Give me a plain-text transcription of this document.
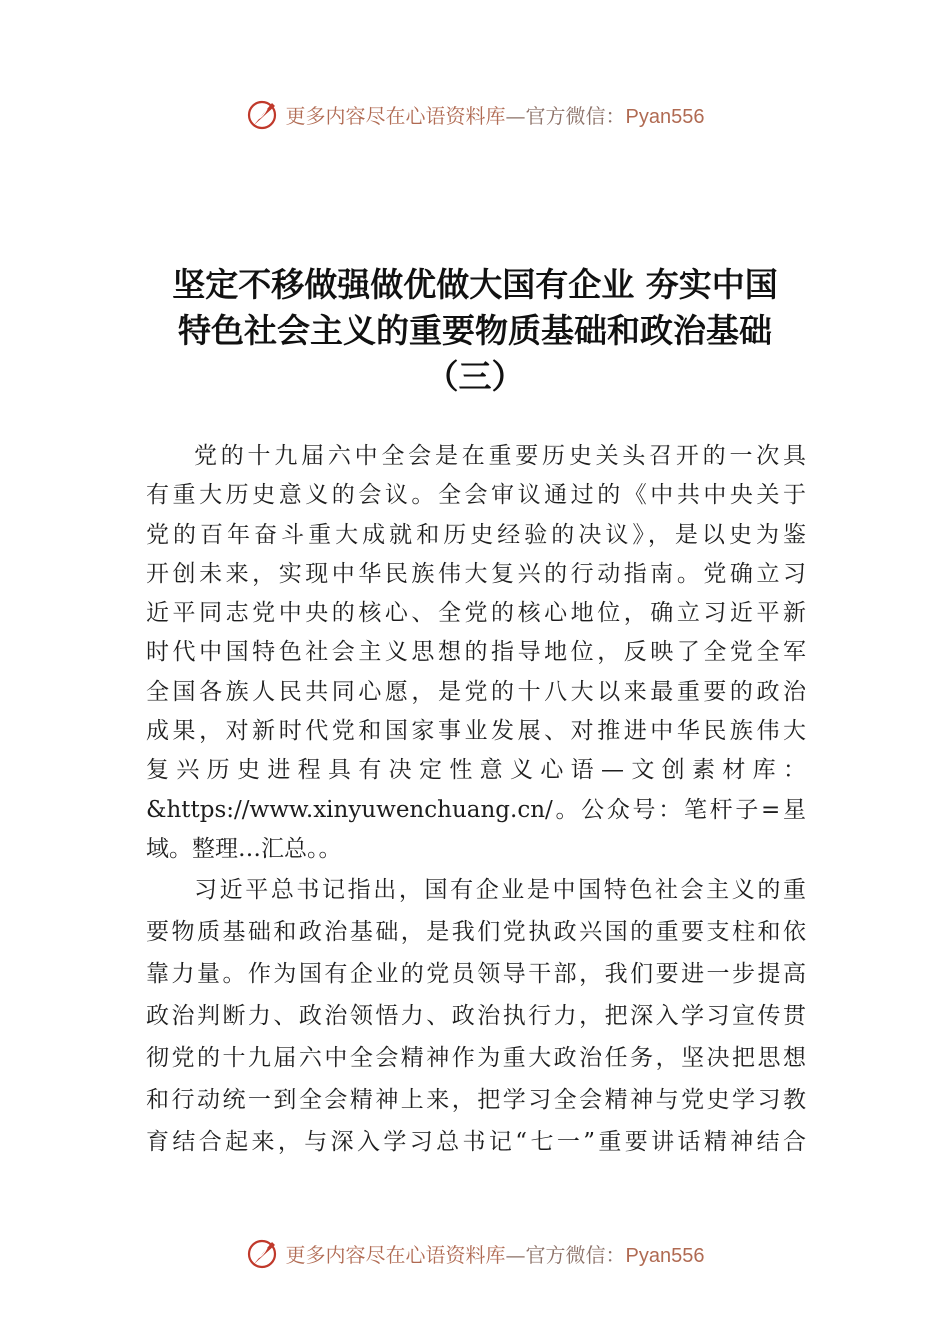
更多内容尽在心语资料库—官方微信：Pyan556
坚定不移做强做优做大国有企业 夯实中国
特色社会主义的重要物质基础和政治基础
（三）
党的十九届六中全会是在重要历史关头召开的一次具
有重大历史意义的会议。全会审议通过的《中共中央关于
党的百年奋斗重大成就和历史经验的决议》，是以史为鉴
开创未来，实现中华民族伟大复兴的行动指南。党确立习
近平同志党中央的核心、全党的核心地位，确立习近平新
时代中国特色社会主义思想的指导地位，反映了全党全军
全国各族人民共同心愿，是党的十八大以来最重要的政治
成果，对新时代党和国家事业发展、对推进中华民族伟大
复兴历史进程具有决定性意义心语—文创素材库：
&https://www.xinyuwenchuang.cn/。公众号：笔杆子=星
域。整理…汇总。。
习近平总书记指出，国有企业是中国特色社会主义的重
要物质基础和政治基础，是我们党执政兴国的重要支柱和依
靠力量。作为国有企业的党员领导干部，我们要进一步提高
政治判断力、政治领悟力、政治执行力，把深入学习宣传贯
彻党的十九届六中全会精神作为重大政治任务，坚决把思想
和行动统一到全会精神上来，把学习全会精神与党史学习教
育结合起来，与深入学习总书记“七一”重要讲话精神结合
更多内容尽在心语资料库—官方微信：Pyan556
